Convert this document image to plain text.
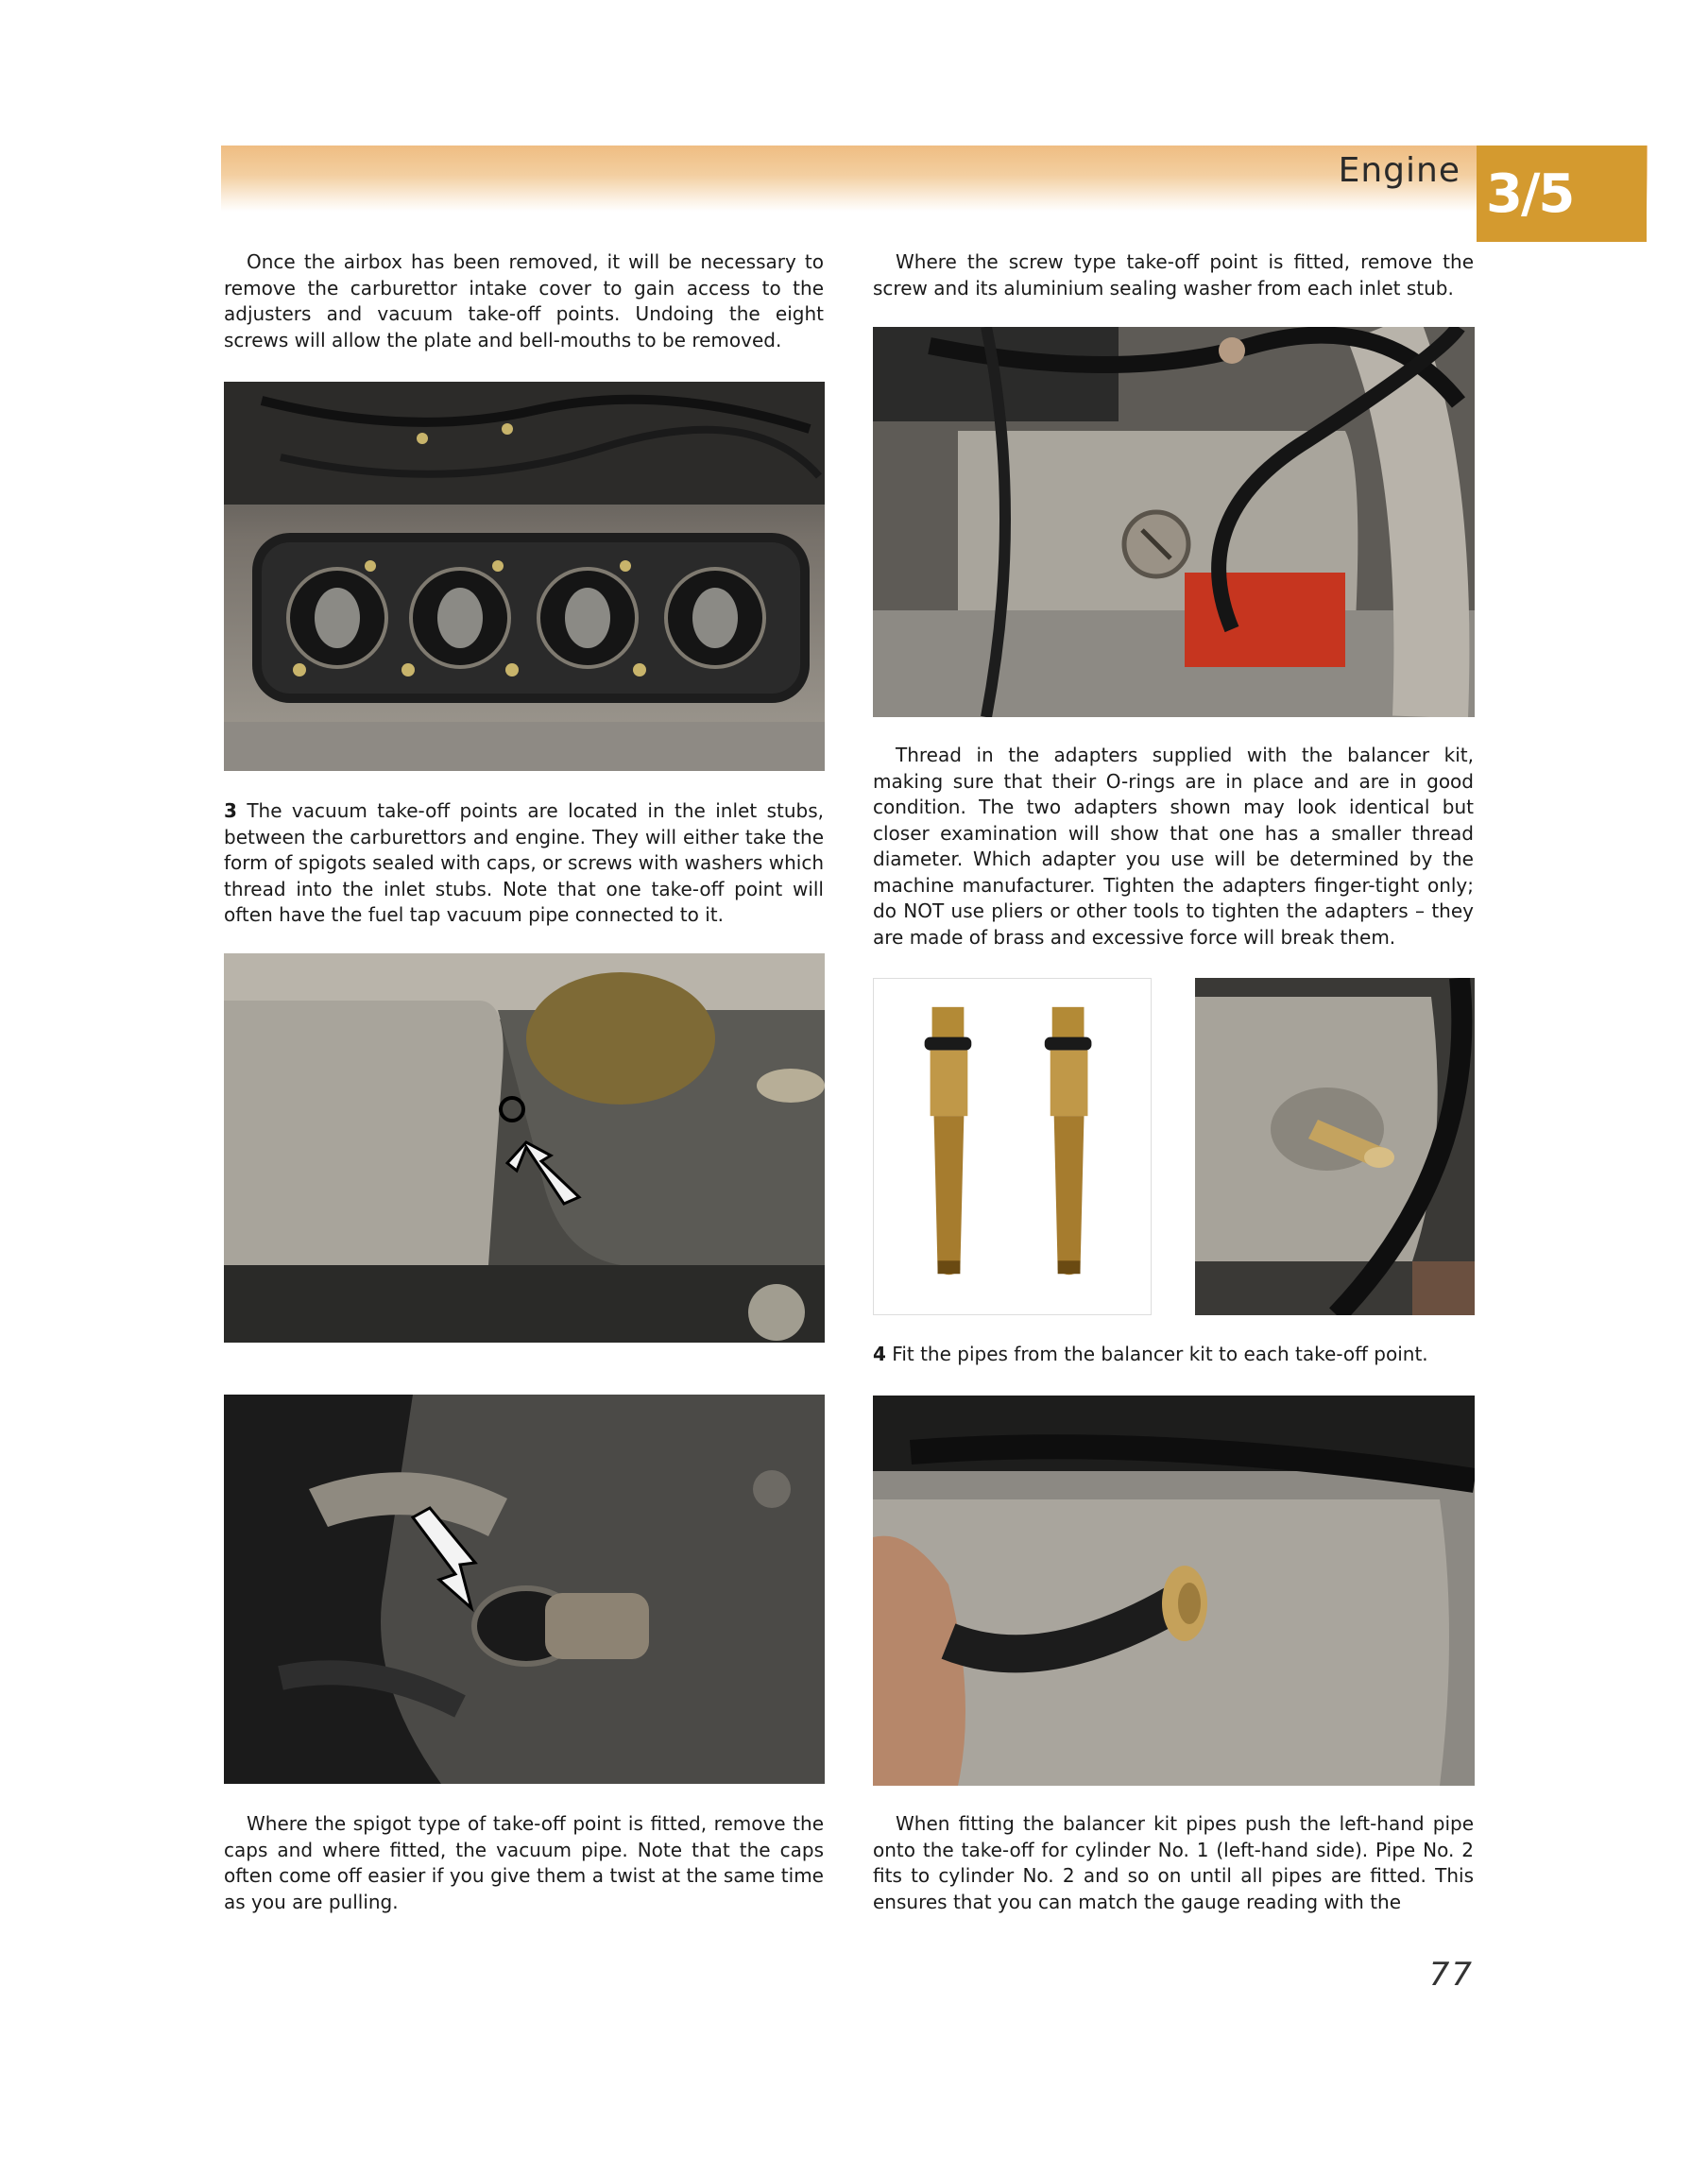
Engine 3/5

Once the airbox has been removed, it will be necessary to remove the carburettor intake cover to gain access to the adjusters and vacuum take-off points. Undoing the eight screws will allow the plate and bell-mouths to be removed.

3 The vacuum take-off points are located in the inlet stubs, between the carburettors and engine. They will either take the form of spigots sealed with caps, or screws with washers which thread into the inlet stubs. Note that one take-off point will often have the fuel tap vacuum pipe connected to it.

Where the spigot type of take-off point is fitted, remove the caps and where fitted, the vacuum pipe. Note that the caps often come off easier if you give them a twist at the same time as you are pulling.

Where the screw type take-off point is fitted, remove the screw and its aluminium sealing washer from each inlet stub.

Thread in the adapters supplied with the balancer kit, making sure that their O-rings are in place and are in good condition. The two adapters shown may look identical but closer examination will show that one has a smaller thread diameter. Which adapter you use will be determined by the machine manufacturer. Tighten the adapters finger-tight only; do NOT use pliers or other tools to tighten the adapters – they are made of brass and excessive force will break them.

4 Fit the pipes from the balancer kit to each take-off point.

When fitting the balancer kit pipes push the left-hand pipe onto the take-off for cylinder No. 1 (left-hand side). Pipe No. 2 fits to cylinder No. 2 and so on until all pipes are fitted. This ensures that you can match the gauge reading with the

77
